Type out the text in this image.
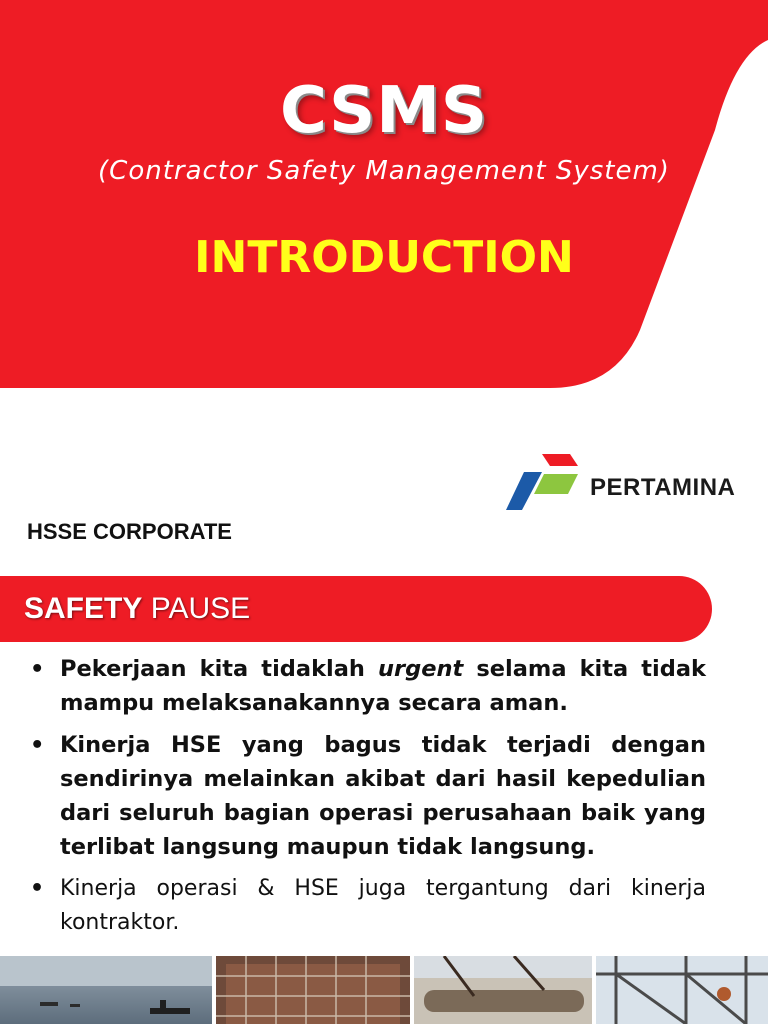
CSMS
(Contractor Safety Management System)
INTRODUCTION
PERTAMINA
HSSE CORPORATE
SAFETY PAUSE
• Pekerjaan kita tidaklah urgent selama kita tidak mampu melaksanakannya secara aman.
• Kinerja HSE yang bagus tidak terjadi dengan sendirinya melainkan akibat dari hasil kepedulian dari seluruh bagian operasi perusahaan baik yang terlibat langsung maupun tidak langsung.
• Kinerja operasi & HSE juga tergantung dari kinerja kontraktor.
